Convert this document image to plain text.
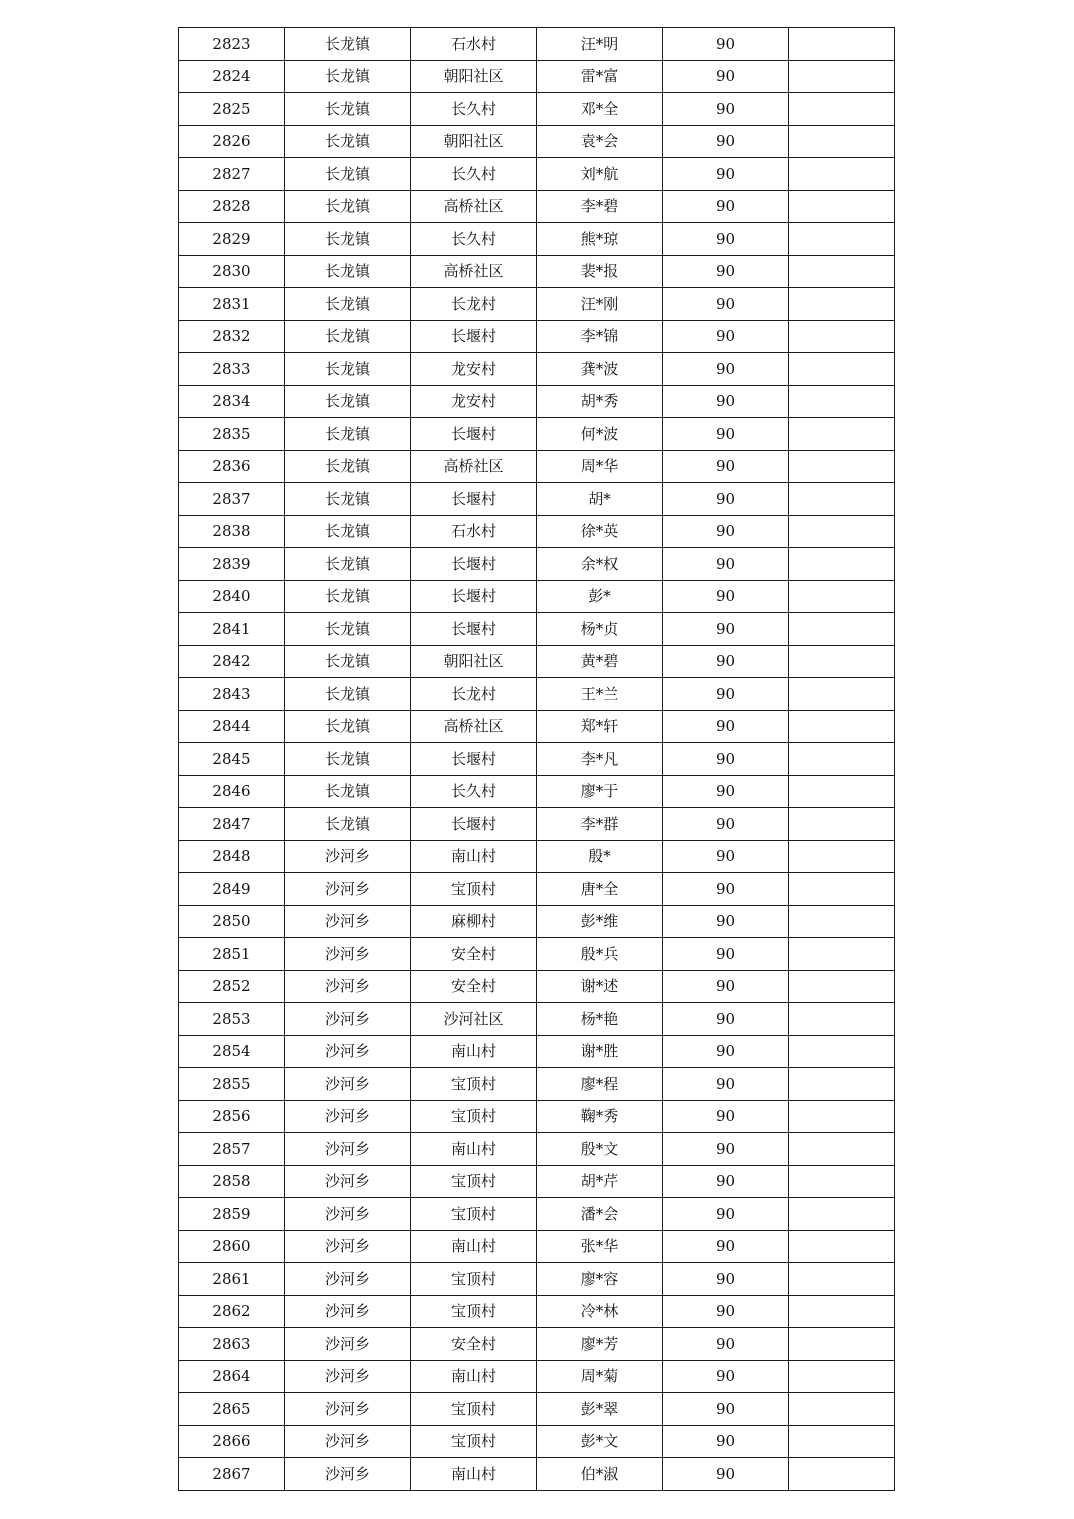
2823	长龙镇	石水村	汪*明	90	
2824	长龙镇	朝阳社区	雷*富	90	
2825	长龙镇	长久村	邓*全	90	
2826	长龙镇	朝阳社区	袁*会	90	
2827	长龙镇	长久村	刘*航	90	
2828	长龙镇	高桥社区	李*碧	90	
2829	长龙镇	长久村	熊*琼	90	
2830	长龙镇	高桥社区	裴*报	90	
2831	长龙镇	长龙村	汪*刚	90	
2832	长龙镇	长堰村	李*锦	90	
2833	长龙镇	龙安村	龚*波	90	
2834	长龙镇	龙安村	胡*秀	90	
2835	长龙镇	长堰村	何*波	90	
2836	长龙镇	高桥社区	周*华	90	
2837	长龙镇	长堰村	胡*	90	
2838	长龙镇	石水村	徐*英	90	
2839	长龙镇	长堰村	余*权	90	
2840	长龙镇	长堰村	彭*	90	
2841	长龙镇	长堰村	杨*贞	90	
2842	长龙镇	朝阳社区	黄*碧	90	
2843	长龙镇	长龙村	王*兰	90	
2844	长龙镇	高桥社区	郑*轩	90	
2845	长龙镇	长堰村	李*凡	90	
2846	长龙镇	长久村	廖*于	90	
2847	长龙镇	长堰村	李*群	90	
2848	沙河乡	南山村	殷*	90	
2849	沙河乡	宝顶村	唐*全	90	
2850	沙河乡	麻柳村	彭*维	90	
2851	沙河乡	安全村	殷*兵	90	
2852	沙河乡	安全村	谢*述	90	
2853	沙河乡	沙河社区	杨*艳	90	
2854	沙河乡	南山村	谢*胜	90	
2855	沙河乡	宝顶村	廖*程	90	
2856	沙河乡	宝顶村	鞠*秀	90	
2857	沙河乡	南山村	殷*文	90	
2858	沙河乡	宝顶村	胡*芹	90	
2859	沙河乡	宝顶村	潘*会	90	
2860	沙河乡	南山村	张*华	90	
2861	沙河乡	宝顶村	廖*容	90	
2862	沙河乡	宝顶村	冷*林	90	
2863	沙河乡	安全村	廖*芳	90	
2864	沙河乡	南山村	周*菊	90	
2865	沙河乡	宝顶村	彭*翠	90	
2866	沙河乡	宝顶村	彭*文	90	
2867	沙河乡	南山村	伯*淑	90	
